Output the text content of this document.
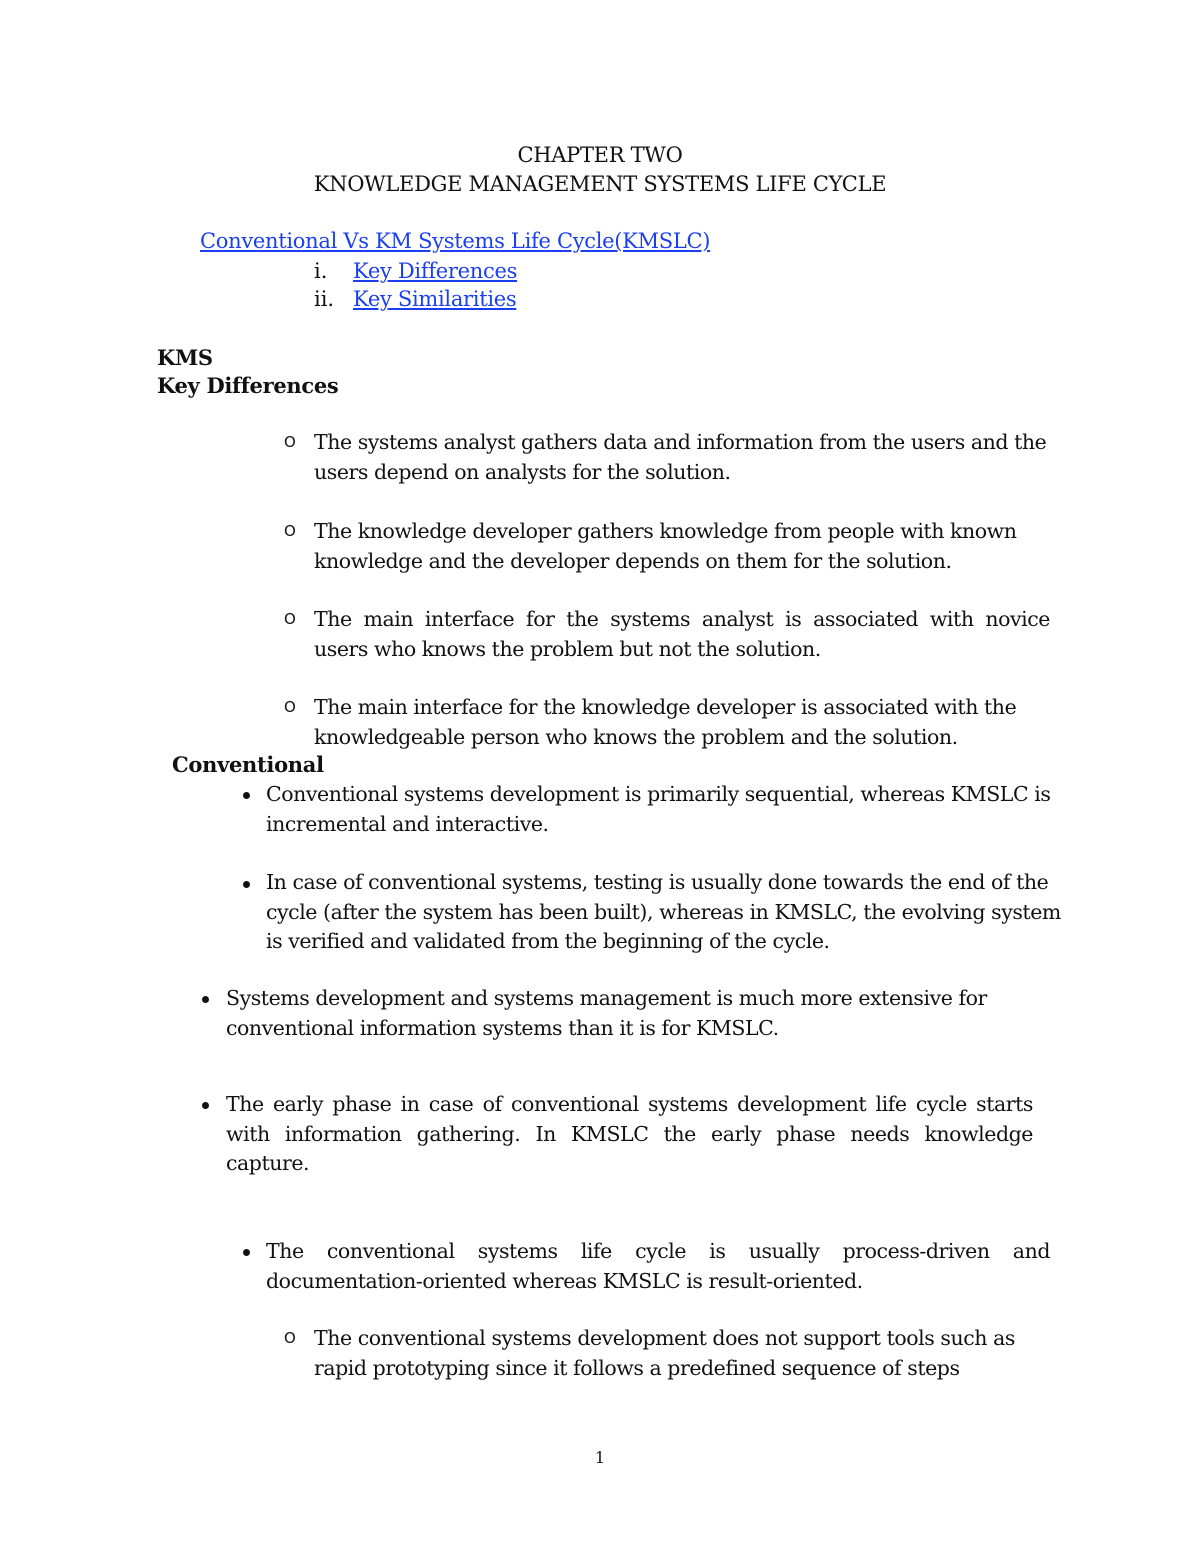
CHAPTER TWO
KNOWLEDGE MANAGEMENT SYSTEMS LIFE CYCLE
Conventional Vs KM Systems Life Cycle(KMSLC)
i. Key Differences
ii. Key Similarities
KMS
Key Differences
O The systems analyst gathers data and information from the users and the users depend on analysts for the solution.
O The knowledge developer gathers knowledge from people with known knowledge and the developer depends on them for the solution.
O The main interface for the systems analyst is associated with novice users who knows the problem but not the solution.
O The main interface for the knowledge developer is associated with the knowledgeable person who knows the problem and the solution.
Conventional
Conventional systems development is primarily sequential, whereas KMSLC is incremental and interactive.
In case of conventional systems, testing is usually done towards the end of the cycle (after the system has been built), whereas in KMSLC, the evolving system is verified and validated from the beginning of the cycle.
Systems development and systems management is much more extensive for conventional information systems than it is for KMSLC.
The early phase in case of conventional systems development life cycle starts with information gathering. In KMSLC the early phase needs knowledge capture.
The conventional systems life cycle is usually process-driven and documentation-oriented whereas KMSLC is result-oriented.
O The conventional systems development does not support tools such as rapid prototyping since it follows a predefined sequence of steps
1
